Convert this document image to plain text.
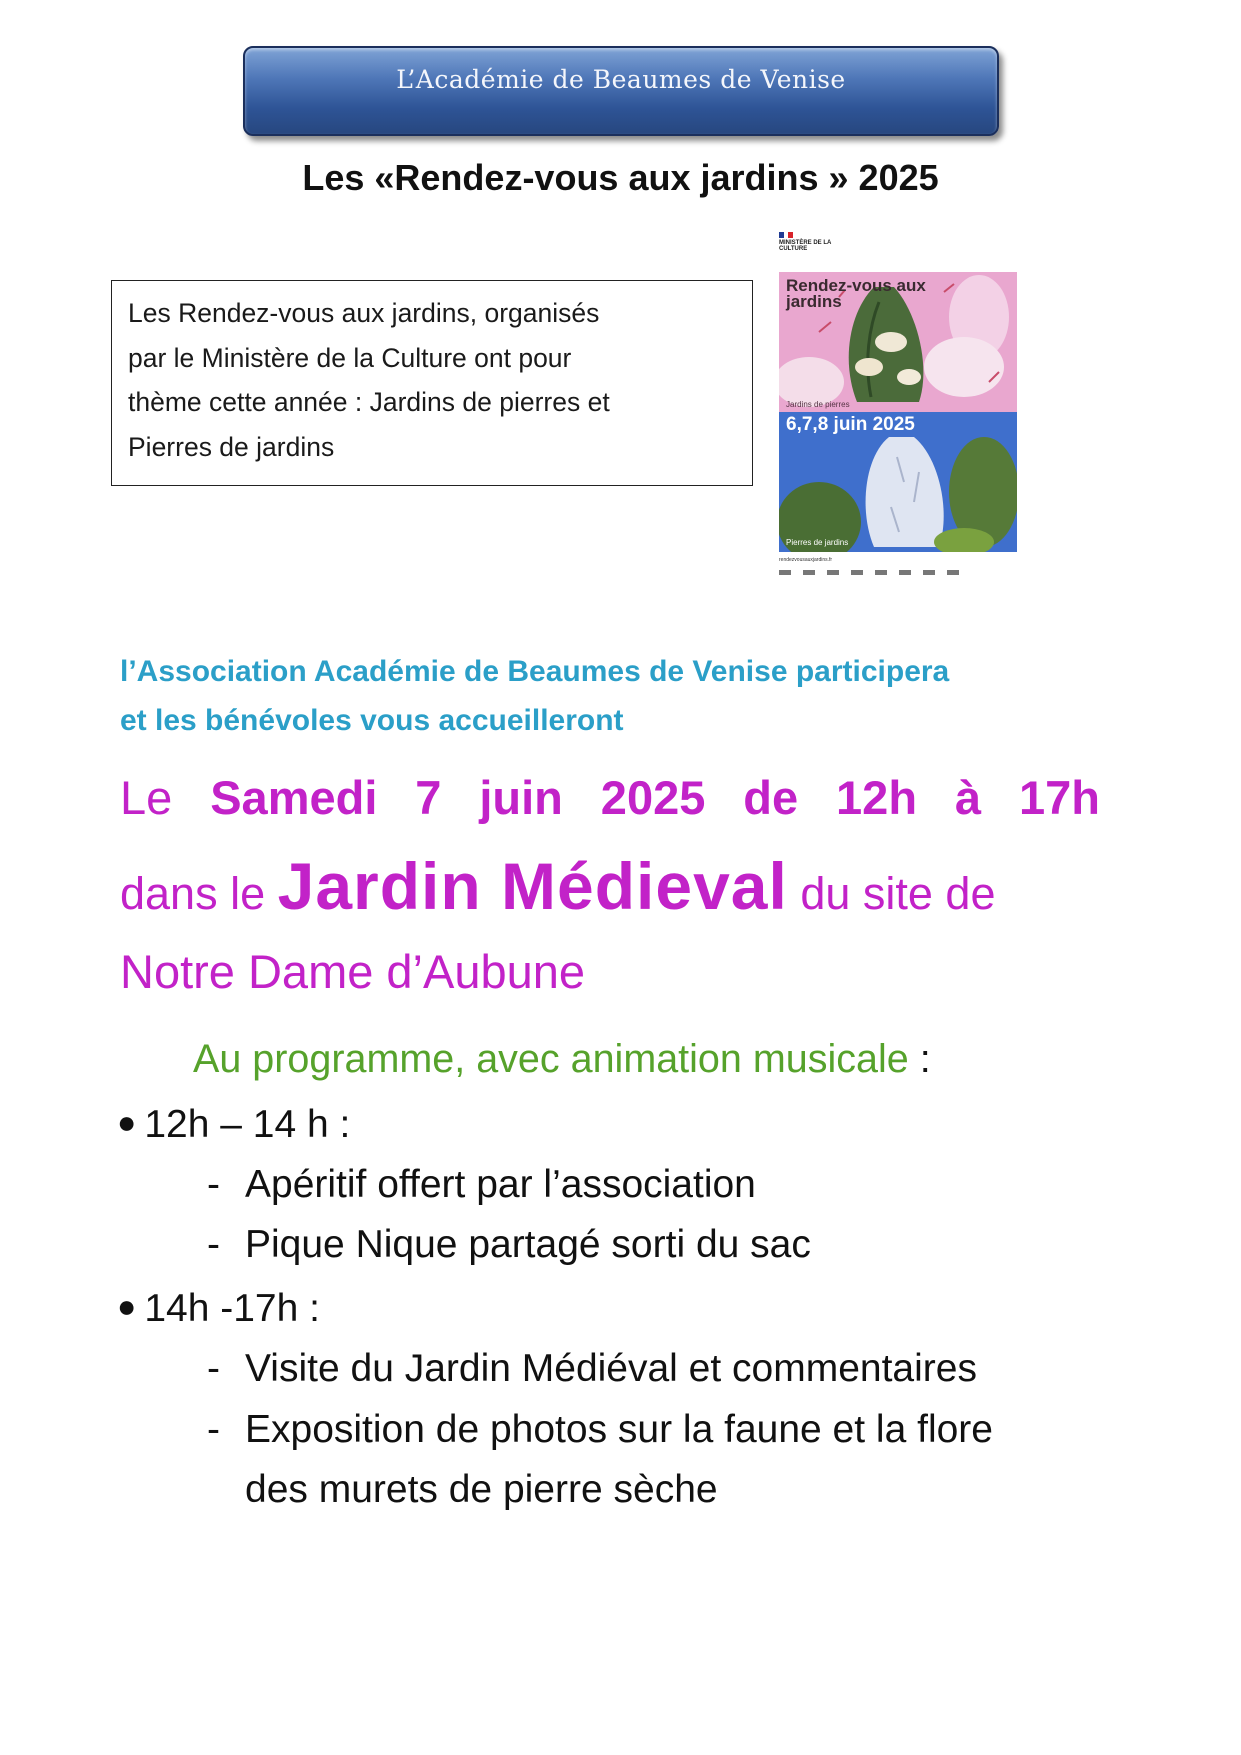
L’Académie de Beaumes de Venise
Les «Rendez-vous aux jardins » 2025
Les Rendez-vous aux jardins, organisés
par le Ministère de la Culture ont pour
thème cette année : Jardins de pierres et
Pierres de jardins
MINISTÈRE DE LA CULTURE
Rendez-vous aux jardins
Jardins de pierres
6,7,8 juin 2025
Pierres de jardins
rendezvousauxjardins.fr
l’Association Académie de Beaumes de Venise participera
et les bénévoles vous accueilleront
Le Samedi 7 juin 2025 de 12h à 17h
dans le Jardin Médieval du site de
Notre Dame d’Aubune
Au programme, avec animation musicale :
● 12h – 14 h :
- Apéritif offert par l’association
- Pique Nique partagé sorti du sac
● 14h -17h :
- Visite du Jardin Médiéval et commentaires
- Exposition de photos sur la faune et la flore
des murets de pierre sèche
